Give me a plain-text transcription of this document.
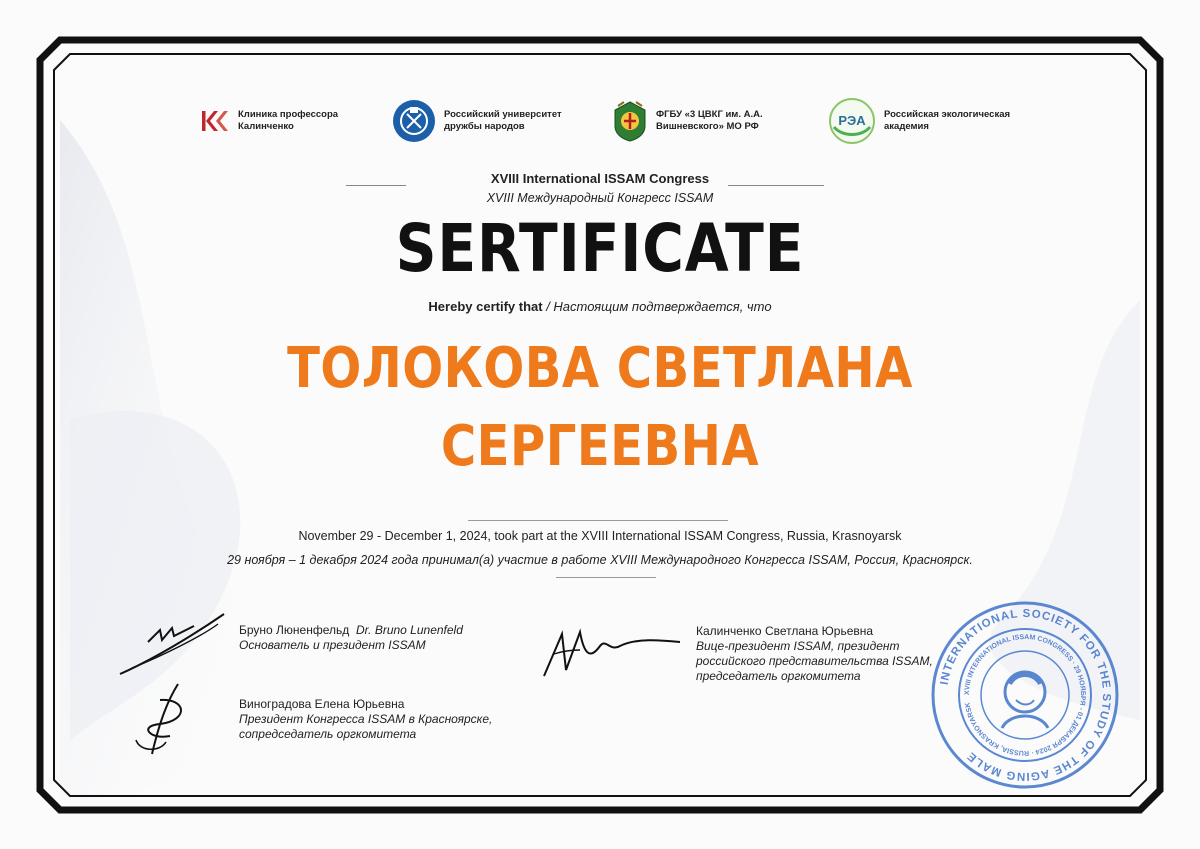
Клиника профессора Калинченко
Российский университет дружбы народов
ФГБУ «3 ЦВКГ им. А.А. Вишневского» МО РФ	РЭА Российская экологическая академия
XVIII International ISSAM Congress
XVIII Международный Конгресс ISSAM
SERTIFICATE
Hereby certify that / Настоящим подтверждается, что
ТОЛОКОВА СВЕТЛАНА
СЕРГЕЕВНА
November 29 - December 1, 2024, took part at the XVIII International ISSAM Congress, Russia, Krasnoyarsk
29 ноября – 1 декабря 2024 года принимал(а) участие в работе XVIII Международного Конгресса ISSAM, Россия, Красноярск.
Бруно Люненфельд Dr. Bruno Lunenfeld
Основатель и президент ISSAM
Виноградова Елена Юрьевна
Президент Конгресса ISSAM в Красноярске, сопредседатель оргкомитета
Калинченко Светлана Юрьевна
Вице-президент ISSAM, президент российского представительства ISSAM, председатель оргкомитета	INTERNATIONAL SOCIETY FOR THE STUDY OF THE AGING MALE
XVIII INTERNATIONAL ISSAM CONGRESS · 29 НОЯБРЯ - 01 ДЕКАБРЯ 2024 · RUSSIA, KRASNOYARSK
